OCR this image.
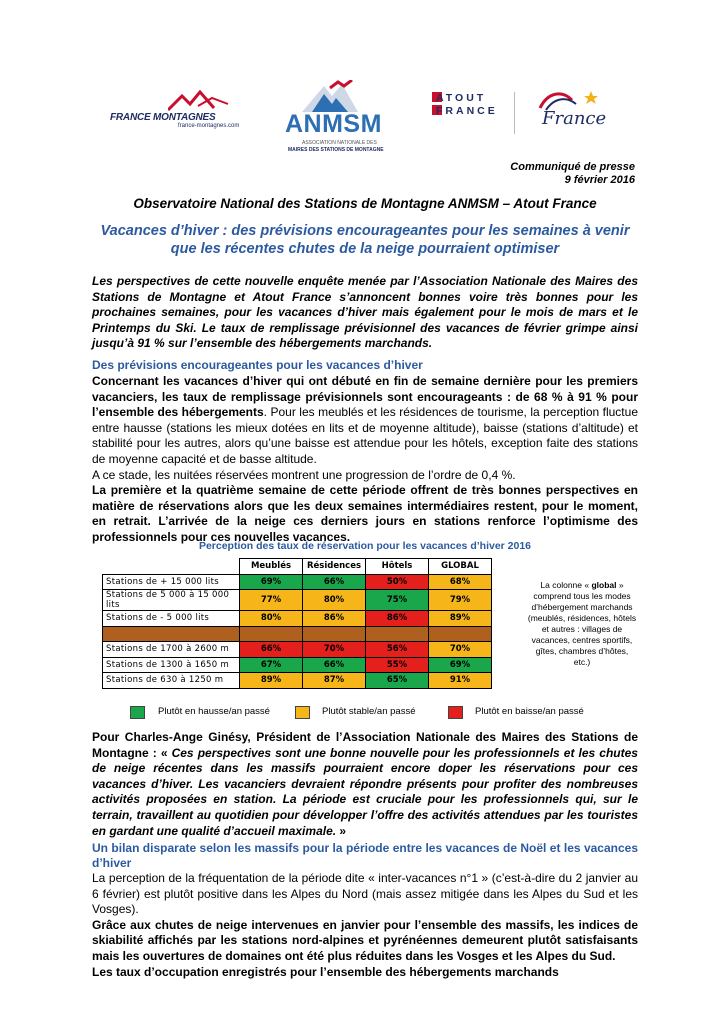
FRANCE MONTAGNES
france-montagnes.com ANMSM
ASSOCIATION NATIONALE DES
MAIRES DES STATIONS DE MONTAGNE
ATOUT
FRANCE France
Communiqué de presse
9 février 2016
Observatoire National des Stations de Montagne ANMSM – Atout France
Vacances d’hiver : des prévisions encourageantes pour les semaines à venir
que les récentes chutes de la neige pourraient optimiser
Les perspectives de cette nouvelle enquête menée par l’Association Nationale des Maires des Stations de Montagne et Atout France s’annoncent bonnes voire très bonnes pour les prochaines semaines, pour les vacances d’hiver mais également pour le mois de mars et le Printemps du Ski. Le taux de remplissage prévisionnel des vacances de février grimpe ainsi jusqu’à 91 % sur l’ensemble des hébergements marchands.
Des prévisions encourageantes pour les vacances d’hiver
Concernant les vacances d’hiver qui ont débuté en fin de semaine dernière pour les premiers vacanciers, les taux de remplissage prévisionnels sont encourageants : de 68 % à 91 % pour l’ensemble des hébergements. Pour les meublés et les résidences de tourisme, la perception fluctue entre hausse (stations les mieux dotées en lits et de moyenne altitude), baisse (stations d’altitude) et stabilité pour les autres, alors qu’une baisse est attendue pour les hôtels, exception faite des stations de moyenne capacité et de basse altitude.
A ce stade, les nuitées réservées montrent une progression de l’ordre de 0,4 %.
La première et la quatrième semaine de cette période offrent de très bonnes perspectives en matière de réservations alors que les deux semaines intermédiaires restent, pour le moment, en retrait. L’arrivée de la neige ces derniers jours en stations renforce l’optimisme des professionnels pour ces nouvelles vacances.
Perception des taux de réservation pour les vacances d’hiver 2016
	Meublés	Résidences	Hôtels	GLOBAL
Stations de + 15 000 lits	69%	66%	50%	68%
Stations de 5 000 à 15 000 lits	77%	80%	75%	79%
Stations de - 5 000 lits	80%	86%	86%	89%

Stations de 1700 à 2600 m	66%	70%	56%	70%
Stations de 1300 à 1650 m	67%	66%	55%	69%
Stations de 630 à 1250 m	89%	87%	65%	91%
La colonne « global » comprend tous les modes d’hébergement marchands (meublés, résidences, hôtels et autres : villages de vacances, centres sportifs, gîtes, chambres d’hôtes, etc.)
Plutôt en hausse/an passé	Plutôt stable/an passé	Plutôt en baisse/an passé
Pour Charles-Ange Ginésy, Président de l’Association Nationale des Maires des Stations de Montagne : « Ces perspectives sont une bonne nouvelle pour les professionnels et les chutes de neige récentes dans les massifs pourraient encore doper les réservations pour ces vacances d’hiver. Les vacanciers devraient répondre présents pour profiter des nombreuses activités proposées en station. La période est cruciale pour les professionnels qui, sur le terrain, travaillent au quotidien pour développer l’offre des activités attendues par les touristes en gardant une qualité d’accueil maximale. »
Un bilan disparate selon les massifs pour la période entre les vacances de Noël et les vacances d’hiver
La perception de la fréquentation de la période dite « inter-vacances n°1 » (c’est-à-dire du 2 janvier au 6 février) est plutôt positive dans les Alpes du Nord (mais assez mitigée dans les Alpes du Sud et les Vosges).
Grâce aux chutes de neige intervenues en janvier pour l’ensemble des massifs, les indices de skiabilité affichés par les stations nord-alpines et pyrénéennes demeurent plutôt satisfaisants mais les ouvertures de domaines ont été plus réduites dans les Vosges et les Alpes du Sud.
Les taux d’occupation enregistrés pour l’ensemble des hébergements marchands
